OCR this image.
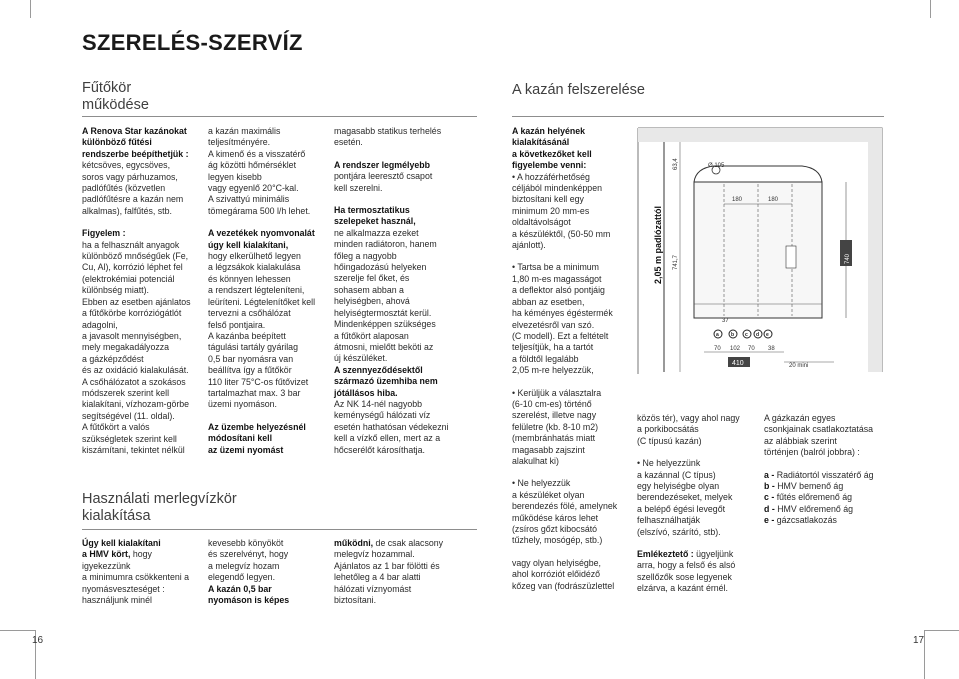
SZERELÉS-SZERVÍZ
Fűtőkör
működése
A kazán felszerelése

A Renova Star kazánokat

különböző fűtési

rendszerbe beépíthetjük :

kétcsöves, egycsöves,

soros vagy párhuzamos,

padlófűtés (közvetlen

padlófűtésre a kazán nem

alkalmas), falfűtés, stb.

Figyelem :

ha a felhasznált anyagok

különböző mnőségűek (Fe,

Cu, Al), korrózió léphet fel

(elektrokémiai potenciál

különbség miatt).

Ebben az esetben ajánlatos

a fűtőkörbe korróziógátlót

adagolni,

a javasolt mennyiségben,

mely megakadályozza

a gázképződést

és az oxidáció kialakulását.

A csőhálózatot a szokásos

módszerek szerint kell

kialakítani, vízhozam-görbe

segítségével (11. oldal).

A fűtőkört a valós

szükségletek szerint kell

kiszámítani, tekintet nélkül

a kazán maximális

teljesítményére.

A kimenő és a visszatérő

ág közötti hőmérséklet

legyen kisebb

vagy egyenlő 20°C-kal.

A szivattyú minimális

tömegárama 500 l/h lehet.

A vezetékek nyomvonalát

úgy kell kialakítani,

hogy elkerülhető legyen

a légzsákok kialakulása

és könnyen lehessen

a rendszert légteleníteni,

leüríteni. Légtelenítőket kell

tervezni a csőhálózat

felső pontjaira.

A kazánba beépített

tágulási tartály gyárilag

0,5 bar nyomásra van

beállítva így a fűtőkör

110 liter 75°C-os fűtővizet

tartalmazhat max. 3 bar

üzemi nyomáson.

Az üzembe helyezésnél

módosítani kell

az üzemi nyomást

magasabb statikus terhelés

esetén.

A rendszer legmélyebb

pontjára leeresztő csapot

kell szerelni.

Ha termosztatikus

szelepeket használ,

ne alkalmazza ezeket

minden radiátoron, hanem

főleg a nagyobb

hőingadozású helyeken

szerelje fel őket, és

sohasem abban a

helyiségben, ahová

helyiségtermosztát kerül.

Mindenképpen szükséges

a fűtőkört alaposan

átmosni, mielőtt beköti az

új készüléket.

A szennyeződésektől

származó üzemhiba nem

jótállásos hiba.

Az NK 14-nél nagyobb

keménységű hálózati víz

esetén hathatósan védekezni

kell a vízkő ellen, mert az a

hőcserélőt károsíthatja.

Használati merlegvízkör
kialakítása

Úgy kell kialakítani

a HMV kört, hogy

igyekezzünk

a minimumra csökkenteni a

nyomásveszteséget :

használjunk minél

kevesebb könyököt

és szerelvényt, hogy

a melegvíz hozam

elegendő legyen.

A kazán 0,5 bar

nyomáson is képes

működni, de csak alacsony

melegvíz hozammal.

Ajánlatos az 1 bar fölötti és

lehetőleg a 4 bar alatti

hálózati víznyomást

biztosítani.

A kazán helyének

kialakításánál

a következőket kell

figyelembe venni:

• A hozzáférhetőség

céljából mindenképpen

biztosítani kell egy

minimum 20 mm-es

oldaltávolságot

a készüléktől, (50-50 mm

ajánlott).

• Tartsa be a minimum

1,80 m-es magasságot

a deflektor alsó pontjáig

abban az esetben,

ha kéményes égéstermék

elvezetésről van szó.

(C modell). Ezt a feltételt

teljesítjük, ha a tartót

a földtől legalább

2,05 m-re helyezzük,

• Kerüljük a választalra

(6-10 cm-es) történő

szerelést, illetve nagy

felületre (kb. 8-10 m2)

(membránhatás miatt

magasabb zajszint

alakulhat ki)

• Ne helyezzük

a készüléket olyan

berendezés fölé, amelynek

működése káros lehet

(zsíros gőzt kibocsátó

tűzhely, mosógép, stb.)

vagy olyan helyiségbe,

ahol korróziót előidéző

kőzeg van (fodrászüzlettel

közös tér), vagy ahol nagy

a porkibocsátás

(C típusú kazán)

• Ne helyezzünk

a kazánnal (C típus)

egy helyiségbe olyan

berendezéseket, melyek

a belépő égési levegőt

felhasználhatják

(elszívó, szárító, stb).

Emlékeztető : ügyeljünk

arra, hogy a felső és alsó

szellőzők sose legyenek

elzárva, a kazánt érnél.

A gázkazán egyes

csonkjainak csatlakoztatása

az alábbiak szerint

történjen (balról jobbra) :

a - Radiátortól visszatérő ág

b - HMV bemenő ág

c - fűtés előremenő ág

d - HMV előremenő ág

e - gázcsatlakozás

2,05 m padlózattól
63,4
741,7	740
Ø 105
180	180
37
a b c d e
70 102 70 38
410	20 mini
16	17
